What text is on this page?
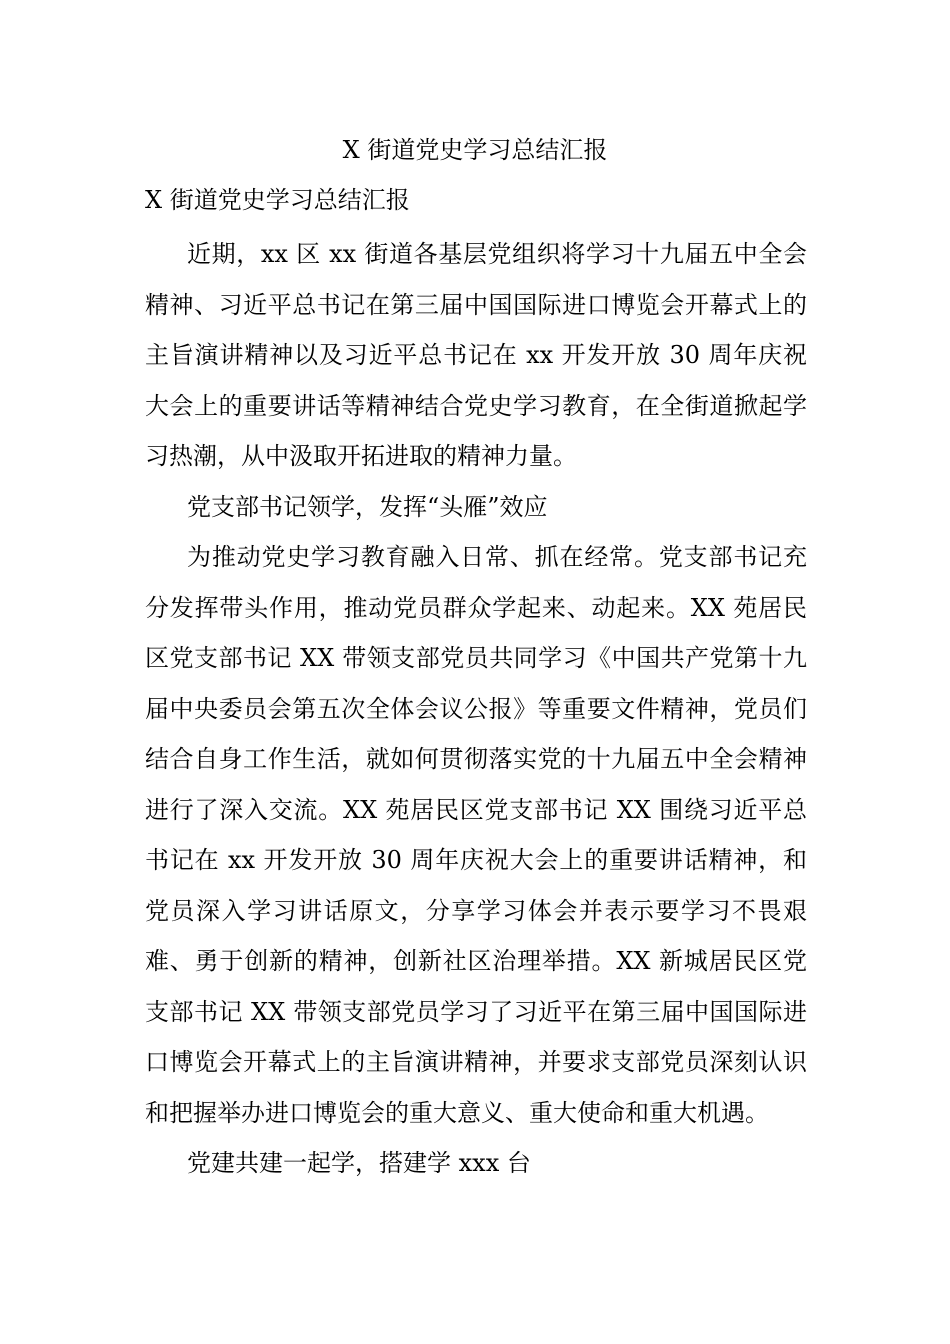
X 街道党史学习总结汇报
X 街道党史学习总结汇报

近期，xx 区 xx 街道各基层党组织将学习十九届五中全会精神、习近平总书记在第三届中国国际进口博览会开幕式上的主旨演讲精神以及习近平总书记在 xx 开发开放 30 周年庆祝大会上的重要讲话等精神结合党史学习教育，在全街道掀起学习热潮，从中汲取开拓进取的精神力量。

党支部书记领学，发挥“头雁”效应

为推动党史学习教育融入日常、抓在经常。党支部书记充分发挥带头作用，推动党员群众学起来、动起来。XX 苑居民区党支部书记 XX 带领支部党员共同学习《中国共产党第十九届中央委员会第五次全体会议公报》等重要文件精神，党员们结合自身工作生活，就如何贯彻落实党的十九届五中全会精神进行了深入交流。XX 苑居民区党支部书记 XX 围绕习近平总书记在 xx 开发开放 30 周年庆祝大会上的重要讲话精神，和党员深入学习讲话原文，分享学习体会并表示要学习不畏艰难、勇于创新的精神，创新社区治理举措。XX 新城居民区党支部书记 XX 带领支部党员学习了习近平在第三届中国国际进口博览会开幕式上的主旨演讲精神，并要求支部党员深刻认识和把握举办进口博览会的重大意义、重大使命和重大机遇。

党建共建一起学，搭建学 xxx 台
